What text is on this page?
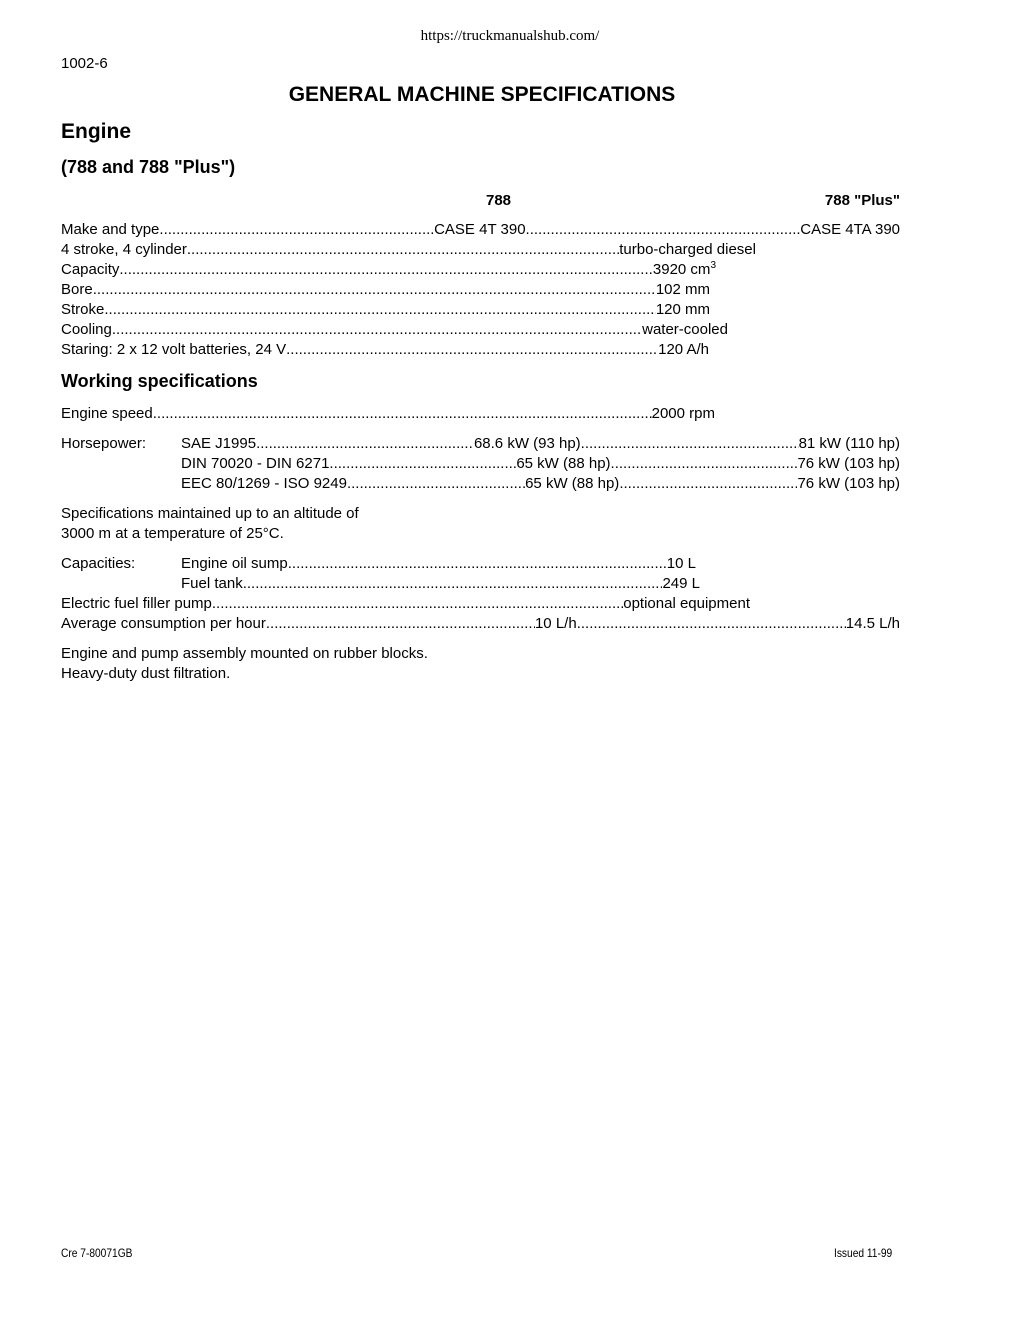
https://truckmanualshub.com/
1002-6
GENERAL MACHINE SPECIFICATIONS
Engine
(788 and 788 "Plus")
788	788 "Plus"
Make and type .....	CASE 4T 390 .....	CASE 4TA 390
4 stroke, 4 cylinder .....	turbo-charged diesel
Capacity .....	3920 $cm^3$
Bore .....	102 mm
Stroke .....	120 mm
Cooling .....	water-cooled
Staring: 2 x 12 volt batteries, 24 V .....	120 A/h
Working specifications
Engine speed .....	2000 rpm
Horsepower: SAE J1995 .....	68.6 kW (93 hp) .....	81 kW (110 hp)
DIN 70020 - DIN 6271 .....	65 kW (88 hp) .....	76 kW (103 hp)
EEC 80/1269 - ISO 9249 .....	65 kW (88 hp) .....	76 kW (103 hp)
Specifications maintained up to an altitude of
3000 m at a temperature of 25°C.
Capacities:	Engine oil sump .....	10 L
Fuel tank .....	249 L
Electric fuel filler pump .....	optional equipment
Average consumption per hour .....	10 L/h .....	14.5 L/h
Engine and pump assembly mounted on rubber blocks.
Heavy-duty dust filtration.
Cre 7-80071GB	Issued 11-99
